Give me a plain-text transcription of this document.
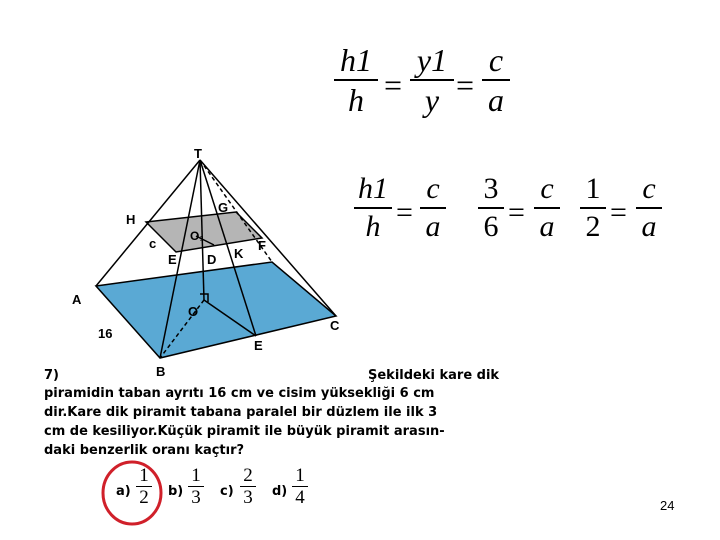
h1
h =
y1
y =
c
a
h1
h =
c
a
3
6 =
c
a
1
2 =
c
a
T
H
G
O₁
c	F
E D K
A
O
C
E
B
16
7)	Şekildeki kare dik
piramidin taban ayrıtı 16 cm ve cisim yüksekliği 6 cm
dir.Kare dik piramit tabana paralel bir düzlem ile ilk 3
cm de kesiliyor.Küçük piramit ile büyük piramit arasın-
daki benzerlik oranı kaçtır?
a)
1
2 b)
1
3 c)
2
3 d)
1
4	24
